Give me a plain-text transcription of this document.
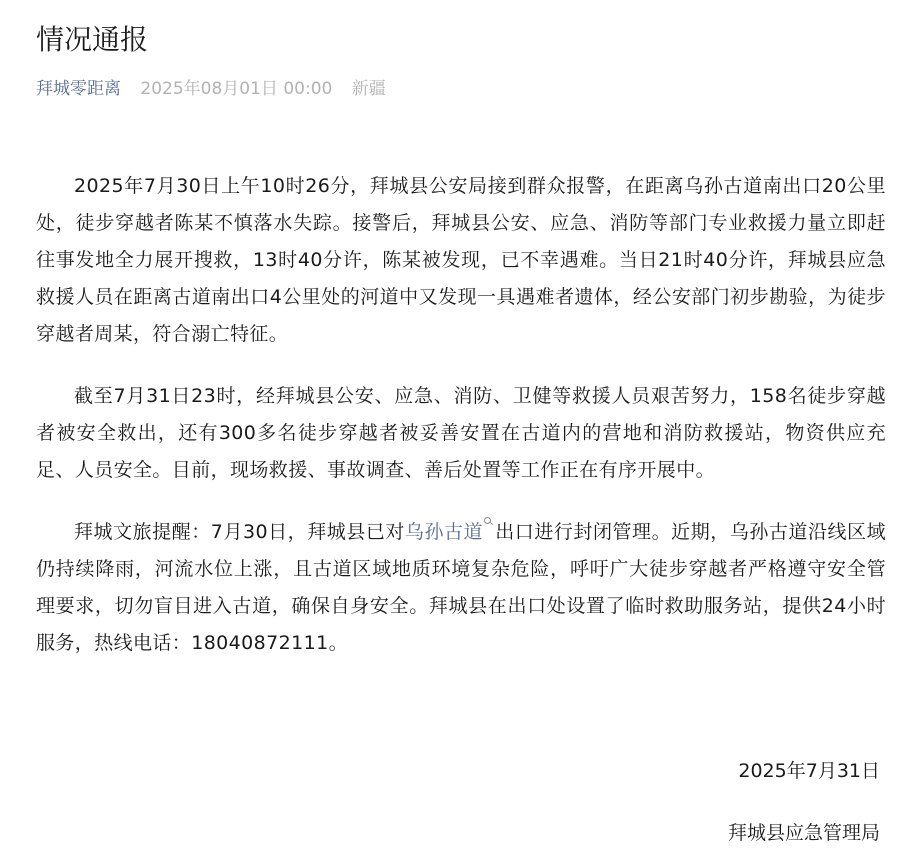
情况通报
拜城零距离 2025年08月01日 00:00 新疆

2025年7月30日上午10时26分，拜城县公安局接到群众报警，在距离乌孙古道南出口20公里处，徒步穿越者陈某不慎落水失踪。接警后，拜城县公安、应急、消防等部门专业救援力量立即赶往事发地全力展开搜救，13时40分许，陈某被发现，已不幸遇难。当日21时40分许，拜城县应急救援人员在距离古道南出口4公里处的河道中又发现一具遇难者遗体，经公安部门初步勘验，为徒步穿越者周某，符合溺亡特征。

截至7月31日23时，经拜城县公安、应急、消防、卫健等救援人员艰苦努力，158名徒步穿越者被安全救出，还有300多名徒步穿越者被妥善安置在古道内的营地和消防救援站，物资供应充足、人员安全。目前，现场救援、事故调查、善后处置等工作正在有序开展中。

拜城文旅提醒：7月30日，拜城县已对乌孙古道 出口进行封闭管理。近期，乌孙古道沿线区域仍持续降雨，河流水位上涨，且古道区域地质环境复杂危险，呼吁广大徒步穿越者严格遵守安全管理要求，切勿盲目进入古道，确保自身安全。拜城县在出口处设置了临时救助服务站，提供24小时服务，热线电话：18040872111。

2025年7月31日
拜城县应急管理局
